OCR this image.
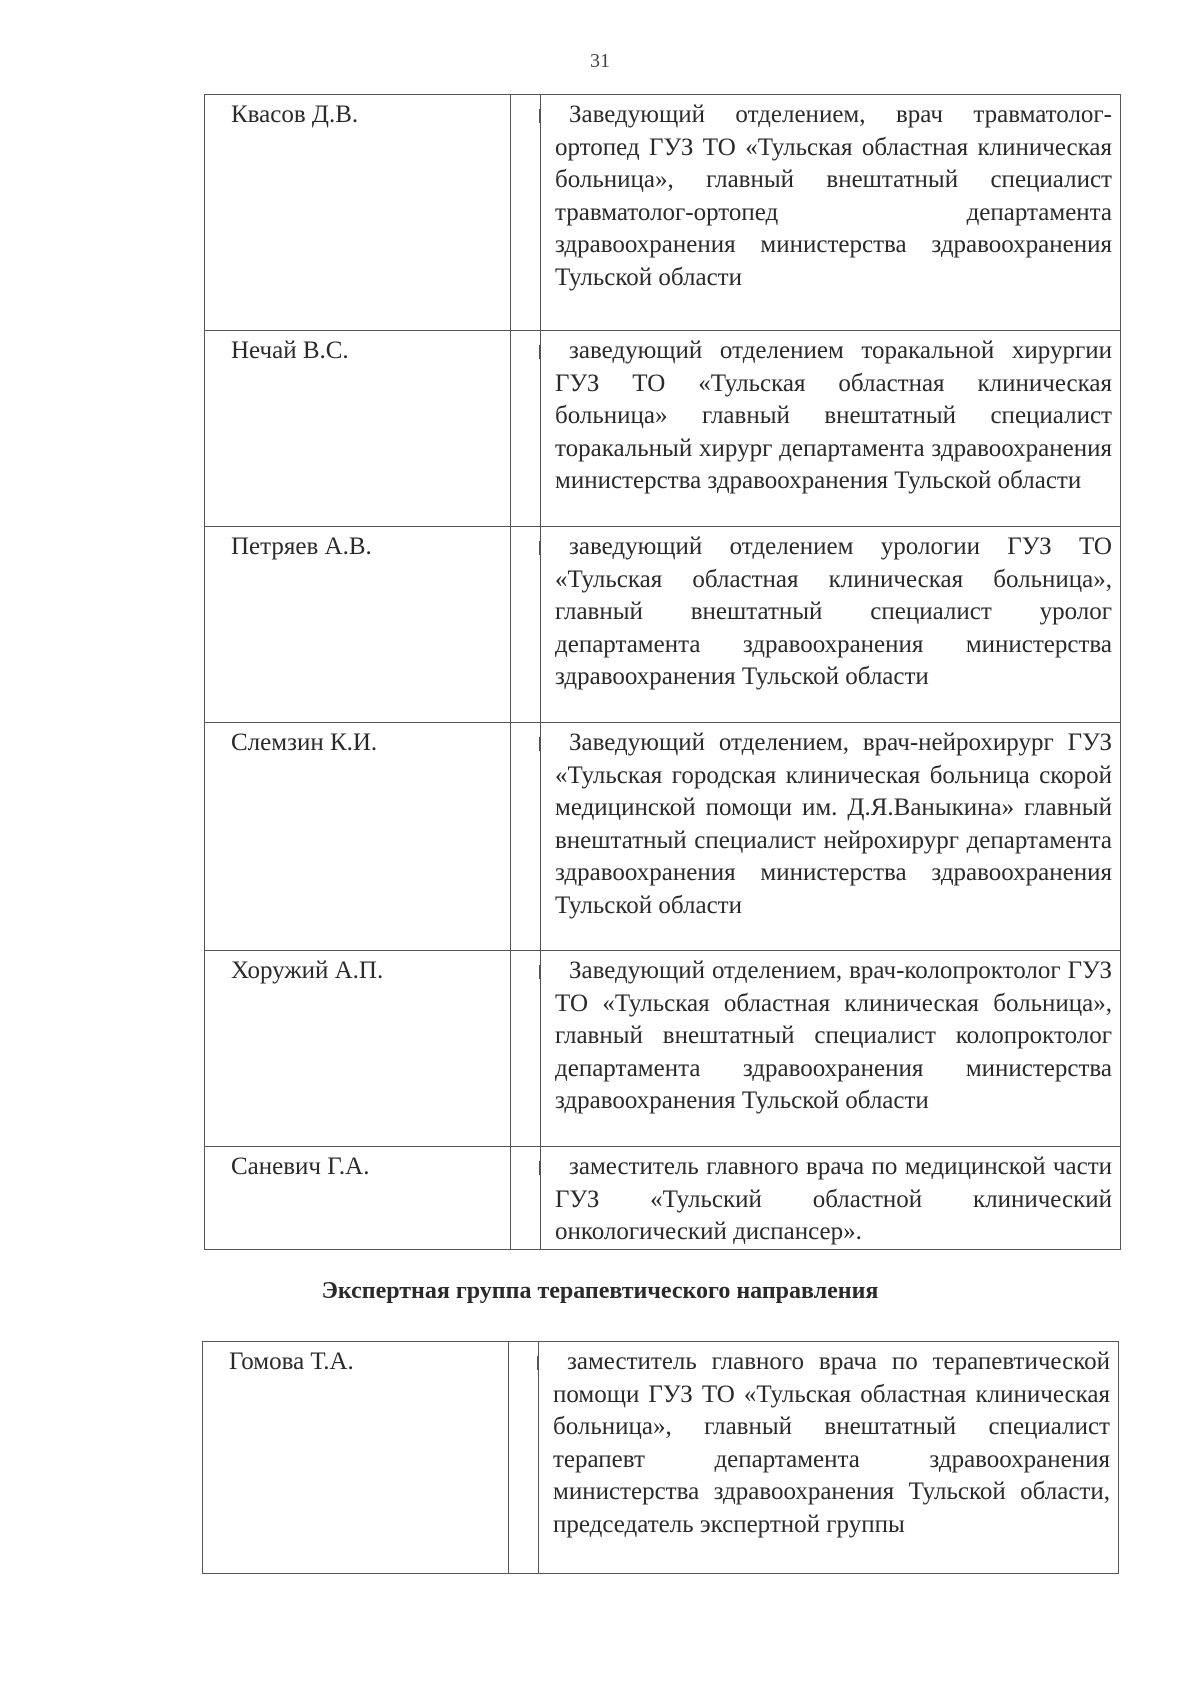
31
Квасов Д.В.		Заведующий отделением, врач травматолог-ортопед ГУЗ ТО «Тульская областная клиническая больница», главный внештатный специалист травматолог-ортопед департамента здравоохранения министерства здравоохранения Тульской области
Нечай В.С.		заведующий отделением торакальной хирургии ГУЗ ТО «Тульская областная клиническая больница» главный внештатный специалист торакальный хирург департамента здравоохранения министерства здравоохранения Тульской области
Петряев А.В.		заведующий отделением урологии ГУЗ ТО «Тульская областная клиническая больница», главный внештатный специалист уролог департамента здравоохранения министерства здравоохранения Тульской области
Слемзин К.И.		Заведующий отделением, врач-нейрохирург ГУЗ «Тульская городская клиническая больница скорой медицинской помощи им. Д.Я.Ваныкина» главный внештатный специалист нейрохирург департамента здравоохранения министерства здравоохранения Тульской области
Хоружий А.П.		Заведующий отделением, врач-колопроктолог ГУЗ ТО «Тульская областная клиническая больница», главный внештатный специалист колопроктолог департамента здравоохранения министерства здравоохранения Тульской области
Саневич Г.А.		заместитель главного врача по медицинской части ГУЗ «Тульский областной клинический онкологический диспансер».
Экспертная группа терапевтического направления
Гомова Т.А.		заместитель главного врача по терапевтической помощи ГУЗ ТО «Тульская областная клиническая больница», главный внештатный специалист терапевт департамента здравоохранения министерства здравоохранения Тульской области, председатель экспертной группы
